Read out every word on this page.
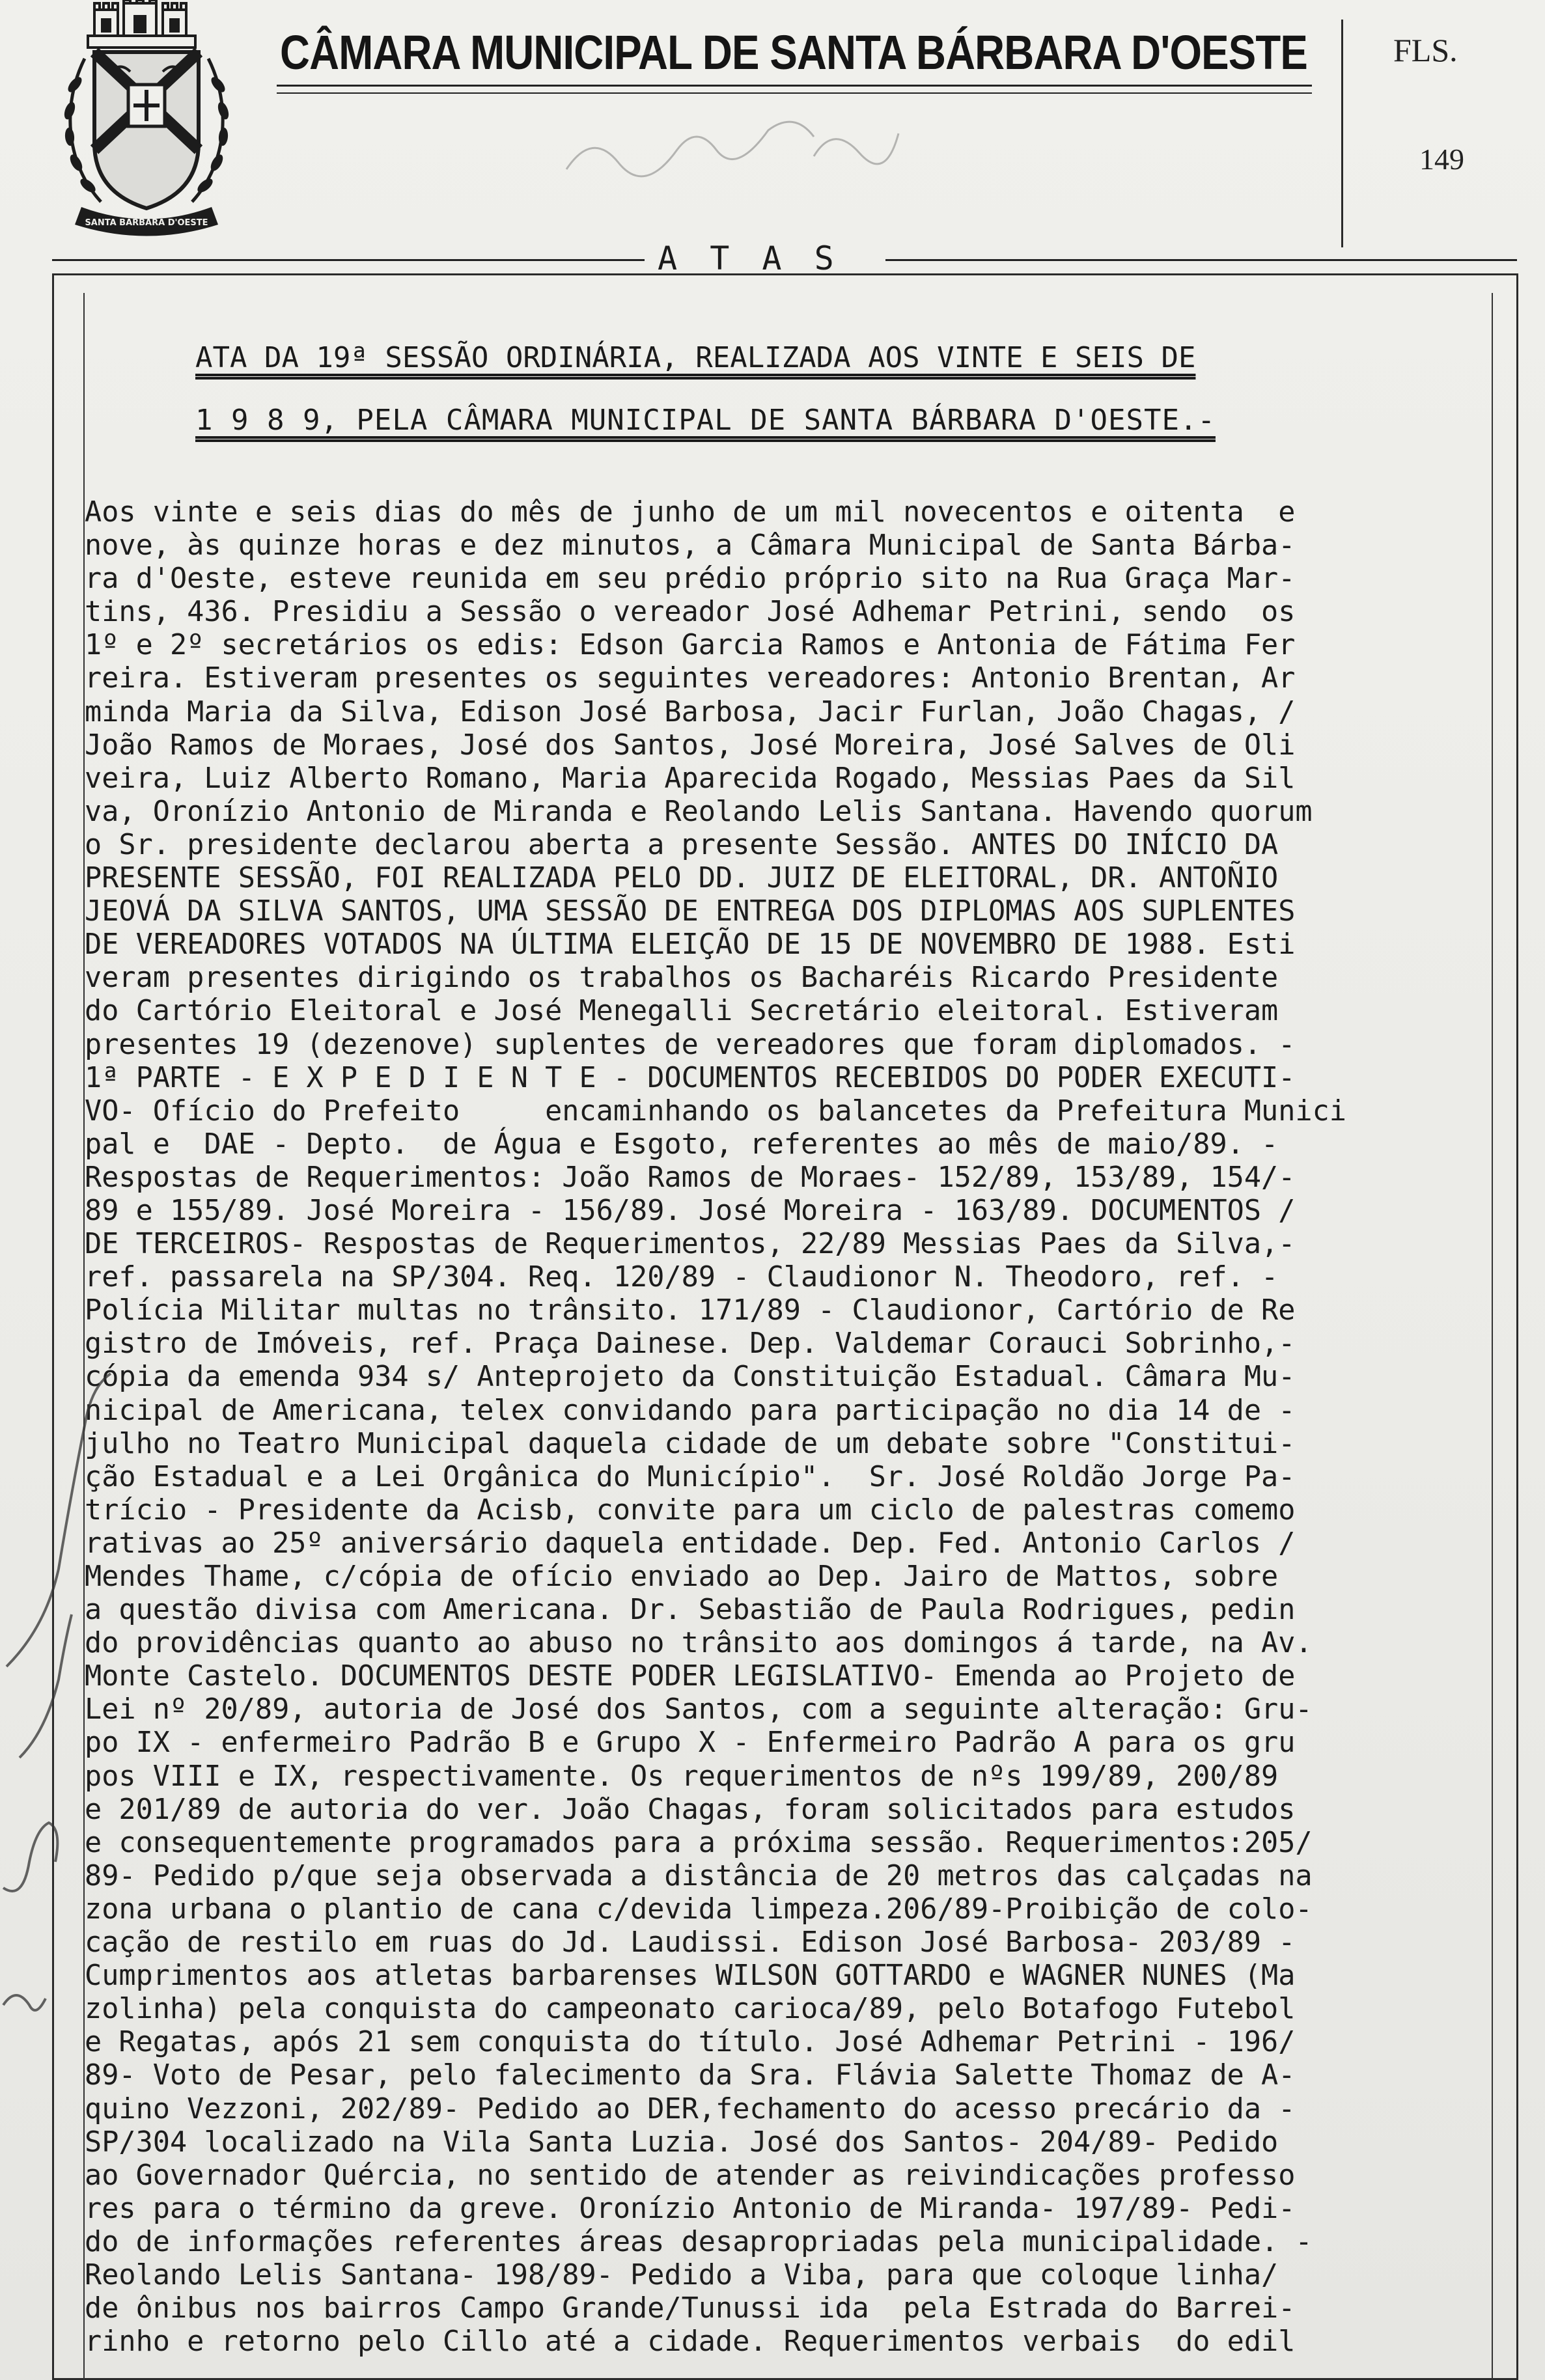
SANTA BÁRBARA D'OESTE
CÂMARA MUNICIPAL DE SANTA BÁRBARA D'OESTE	FLS.
149
A T A S
ATA DA 19ª SESSÃO ORDINÁRIA, REALIZADA AOS VINTE E SEIS DE
1 9 8 9, PELA CÂMARA MUNICIPAL DE SANTA BÁRBARA D'OESTE.-
Aos vinte e seis dias do mês de junho de um mil novecentos e oitenta  e
nove, às quinze horas e dez minutos, a Câmara Municipal de Santa Bárba-
ra d'Oeste, esteve reunida em seu prédio próprio sito na Rua Graça Mar-
tins, 436. Presidiu a Sessão o vereador José Adhemar Petrini, sendo  os
1º e 2º secretários os edis: Edson Garcia Ramos e Antonia de Fátima Fer
reira. Estiveram presentes os seguintes vereadores: Antonio Brentan, Ar
minda Maria da Silva, Edison José Barbosa, Jacir Furlan, João Chagas, /
João Ramos de Moraes, José dos Santos, José Moreira, José Salves de Oli
veira, Luiz Alberto Romano, Maria Aparecida Rogado, Messias Paes da Sil
va, Oronízio Antonio de Miranda e Reolando Lelis Santana. Havendo quorum
o Sr. presidente declarou aberta a presente Sessão. ANTES DO INÍCIO DA
PRESENTE SESSÃO, FOI REALIZADA PELO DD. JUIZ DE ELEITORAL, DR. ANTOÑIO
JEOVÁ DA SILVA SANTOS, UMA SESSÃO DE ENTREGA DOS DIPLOMAS AOS SUPLENTES
DE VEREADORES VOTADOS NA ÚLTIMA ELEIÇÃO DE 15 DE NOVEMBRO DE 1988. Esti
veram presentes dirigindo os trabalhos os Bacharéis Ricardo Presidente
do Cartório Eleitoral e José Menegalli Secretário eleitoral. Estiveram
presentes 19 (dezenove) suplentes de vereadores que foram diplomados. -
1ª PARTE - E X P E D I E N T E - DOCUMENTOS RECEBIDOS DO PODER EXECUTI-
VO- Ofício do Prefeito     encaminhando os balancetes da Prefeitura Munici
pal e  DAE - Depto.  de Água e Esgoto, referentes ao mês de maio/89. -
Respostas de Requerimentos: João Ramos de Moraes- 152/89, 153/89, 154/-
89 e 155/89. José Moreira - 156/89. José Moreira - 163/89. DOCUMENTOS /
DE TERCEIROS- Respostas de Requerimentos, 22/89 Messias Paes da Silva,-
ref. passarela na SP/304. Req. 120/89 - Claudionor N. Theodoro, ref. -
Polícia Militar multas no trânsito. 171/89 - Claudionor, Cartório de Re
gistro de Imóveis, ref. Praça Dainese. Dep. Valdemar Corauci Sobrinho,-
cópia da emenda 934 s/ Anteprojeto da Constituição Estadual. Câmara Mu-
nicipal de Americana, telex convidando para participação no dia 14 de -
julho no Teatro Municipal daquela cidade de um debate sobre "Constitui-
ção Estadual e a Lei Orgânica do Município".  Sr. José Roldão Jorge Pa-
trício - Presidente da Acisb, convite para um ciclo de palestras comemo
rativas ao 25º aniversário daquela entidade. Dep. Fed. Antonio Carlos /
Mendes Thame, c/cópia de ofício enviado ao Dep. Jairo de Mattos, sobre
a questão divisa com Americana. Dr. Sebastião de Paula Rodrigues, pedin
do providências quanto ao abuso no trânsito aos domingos á tarde, na Av.
Monte Castelo. DOCUMENTOS DESTE PODER LEGISLATIVO- Emenda ao Projeto de
Lei nº 20/89, autoria de José dos Santos, com a seguinte alteração: Gru-
po IX - enfermeiro Padrão B e Grupo X - Enfermeiro Padrão A para os gru
pos VIII e IX, respectivamente. Os requerimentos de nºs 199/89, 200/89
e 201/89 de autoria do ver. João Chagas, foram solicitados para estudos
e consequentemente programados para a próxima sessão. Requerimentos:205/
89- Pedido p/que seja observada a distância de 20 metros das calçadas na
zona urbana o plantio de cana c/devida limpeza.206/89-Proibição de colo-
cação de restilo em ruas do Jd. Laudissi. Edison José Barbosa- 203/89 -
Cumprimentos aos atletas barbarenses WILSON GOTTARDO e WAGNER NUNES (Ma
zolinha) pela conquista do campeonato carioca/89, pelo Botafogo Futebol
e Regatas, após 21 sem conquista do título. José Adhemar Petrini - 196/
89- Voto de Pesar, pelo falecimento da Sra. Flávia Salette Thomaz de A-
quino Vezzoni, 202/89- Pedido ao DER,fechamento do acesso precário da -
SP/304 localizado na Vila Santa Luzia. José dos Santos- 204/89- Pedido
ao Governador Quércia, no sentido de atender as reivindicações professo
res para o término da greve. Oronízio Antonio de Miranda- 197/89- Pedi-
do de informações referentes áreas desapropriadas pela municipalidade. -
Reolando Lelis Santana- 198/89- Pedido a Viba, para que coloque linha/
de ônibus nos bairros Campo Grande/Tunussi ida  pela Estrada do Barrei-
rinho e retorno pelo Cillo até a cidade. Requerimentos verbais  do edil
